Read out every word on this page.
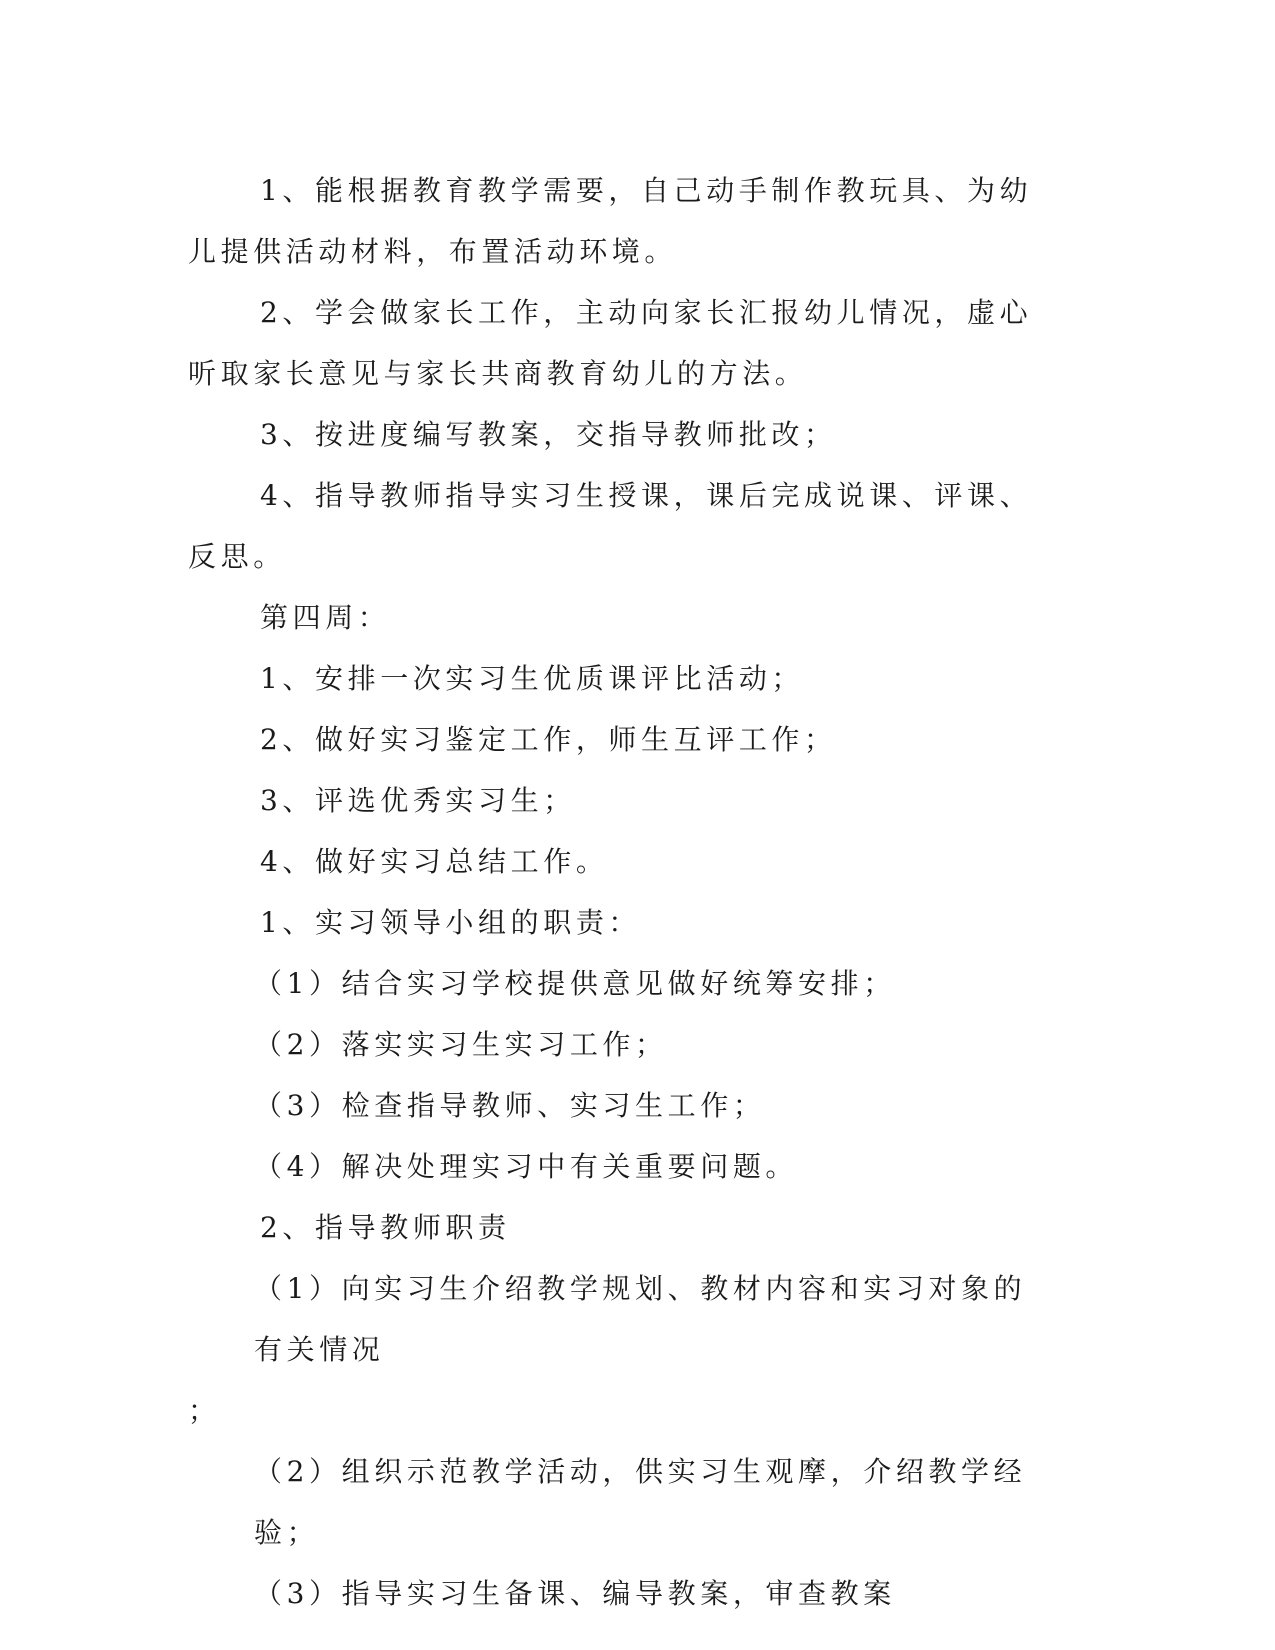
1、能根据教育教学需要，自己动手制作教玩具、为幼儿提供活动材料，布置活动环境。

2、学会做家长工作，主动向家长汇报幼儿情况，虚心听取家长意见与家长共商教育幼儿的方法。

3、按进度编写教案，交指导教师批改；

4、指导教师指导实习生授课，课后完成说课、评课、反思。

第四周：

1、安排一次实习生优质课评比活动；

2、做好实习鉴定工作，师生互评工作；

3、评选优秀实习生；

4、做好实习总结工作。

1、实习领导小组的职责：

（1）结合实习学校提供意见做好统筹安排；

（2）落实实习生实习工作；

（3）检查指导教师、实习生工作；

（4）解决处理实习中有关重要问题。

2、指导教师职责

（1）向实习生介绍教学规划、教材内容和实习对象的有关情况

；

（2）组织示范教学活动，供实习生观摩，介绍教学经验；

（3）指导实习生备课、编导教案，审查教案
